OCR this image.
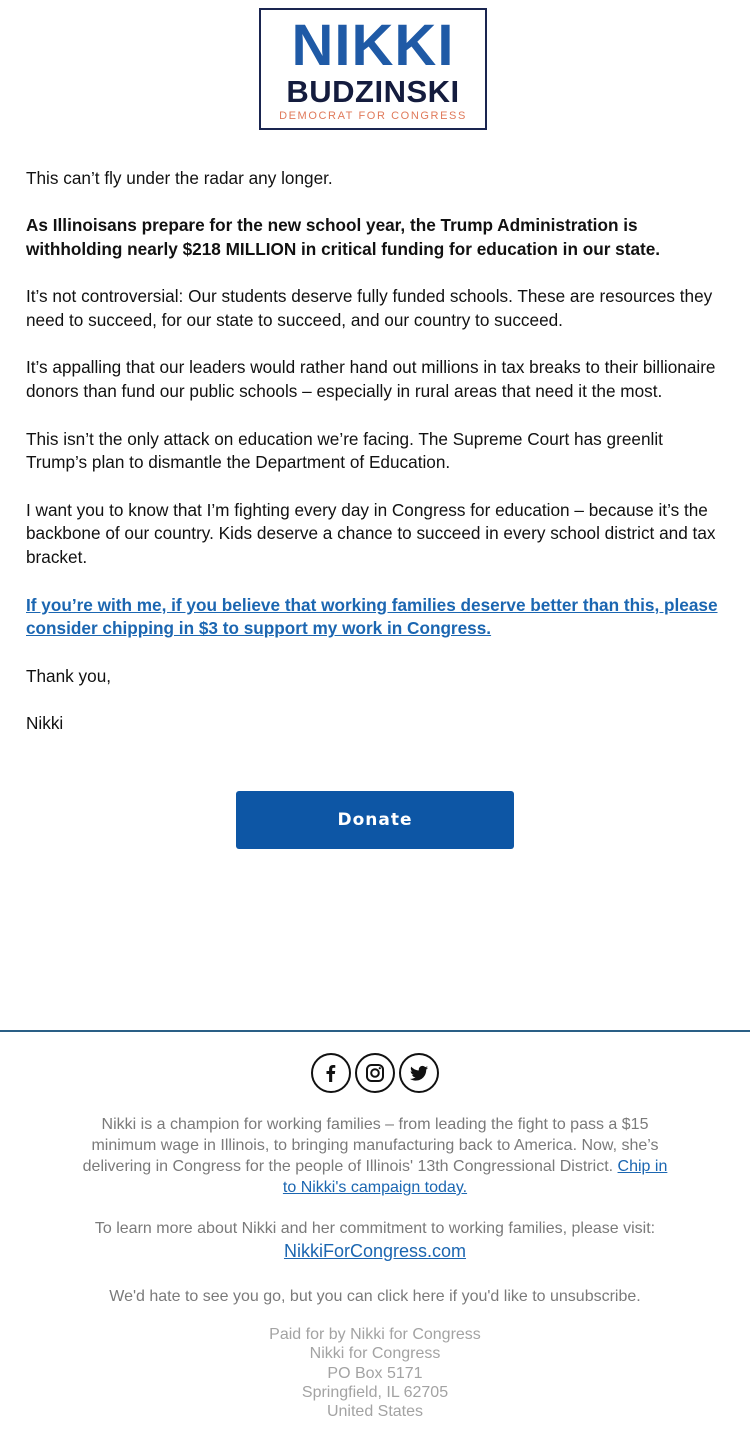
NIKKI
BUDZINSKI
DEMOCRAT FOR CONGRESS

This can’t fly under the radar any longer.

As Illinoisans prepare for the new school year, the Trump Administration is withholding nearly $218 MILLION in critical funding for education in our state.

It’s not controversial: Our students deserve fully funded schools. These are resources they need to succeed, for our state to succeed, and our country to succeed.

It’s appalling that our leaders would rather hand out millions in tax breaks to their billionaire donors than fund our public schools – especially in rural areas that need it the most.

This isn’t the only attack on education we’re facing. The Supreme Court has greenlit Trump’s plan to dismantle the Department of Education.

I want you to know that I’m fighting every day in Congress for education – because it’s the backbone of our country. Kids deserve a chance to succeed in every school district and tax bracket.

If you’re with me, if you believe that working families deserve better than this, please consider chipping in $3 to support my work in Congress.

Thank you,

Nikki

Donate
Nikki is a champion for working families – from leading the fight to pass a $15 minimum wage in Illinois, to bringing manufacturing back to America. Now, she’s delivering in Congress for the people of Illinois' 13th Congressional District. Chip in to Nikki's campaign today.
To learn more about Nikki and her commitment to working families, please visit:
NikkiForCongress.com
We'd hate to see you go, but you can click here if you'd like to unsubscribe.
Paid for by Nikki for Congress
Nikki for Congress
PO Box 5171
Springfield, IL 62705
United States
